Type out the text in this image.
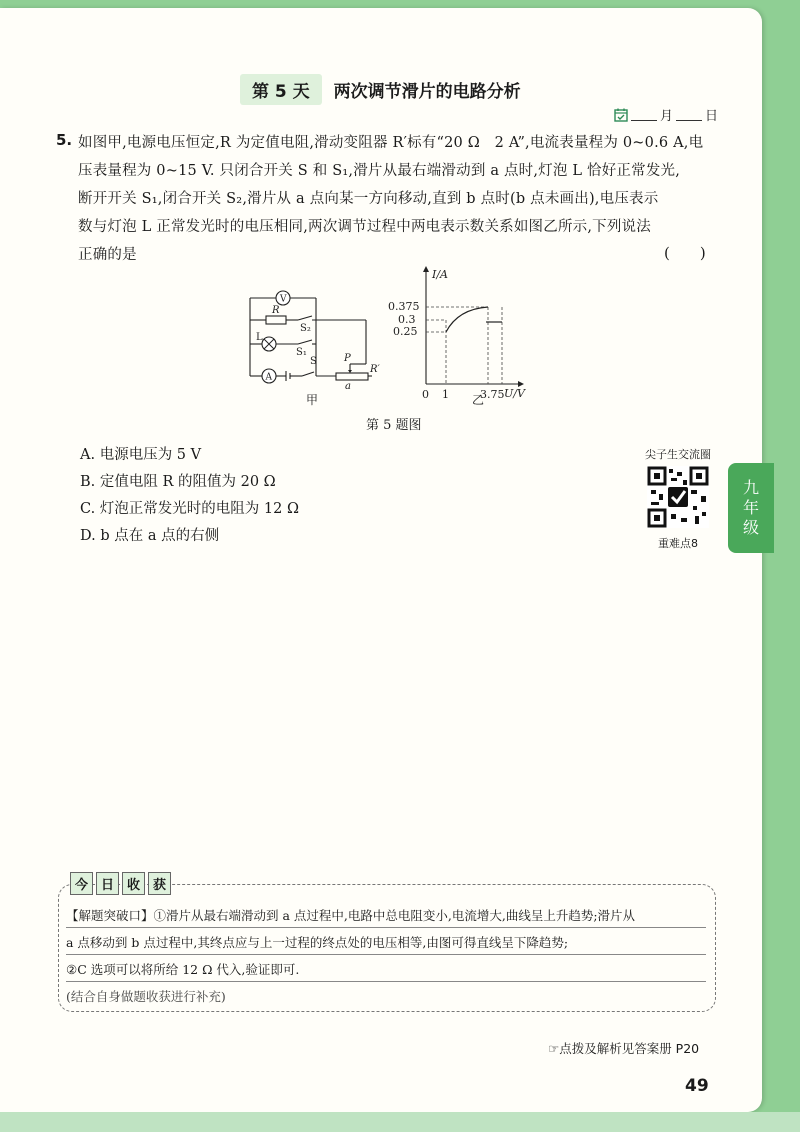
九
年
级
第 5 天	两次调节滑片的电路分析
月 日
5. 如图甲,电源电压恒定,R 为定值电阻,滑动变阻器 R′标有“20 Ω　2 A”,电流表量程为 0~0.6 A,电
压表量程为 0~15 V. 只闭合开关 S 和 S₁,滑片从最右端滑动到 a 点时,灯泡 L 恰好正常发光,
断开开关 S₁,闭合开关 S₂,滑片从 a 点向某一方向移动,直到 b 点时(b 点未画出),电压表示
数与灯泡 L 正常发光时的电压相同,两次调节过程中两电表示数关系如图乙所示,下列说法
正确的是	(　　)
V
A
R
L
S₂
S₁
S	P
a
R′
甲
I/A
U/V
0.375
0.3
0.25
0 1	3.75
乙
第 5 题图
A. 电源电压为 5 V
B. 定值电阻 R 的阻值为 20 Ω
C. 灯泡正常发光时的电阻为 12 Ω
D. b 点在 a 点的右侧
尖子生交流圈
重难点8
今	日	收	获
【解题突破口】①滑片从最右端滑动到 a 点过程中,电路中总电阻变小,电流增大,曲线呈上升趋势;滑片从
a 点移动到 b 点过程中,其终点应与上一过程的终点处的电压相等,由图可得直线呈下降趋势;
②C 选项可以将所给 12 Ω 代入,验证即可.
(结合自身做题收获进行补充)
☞点拨及解析见答案册 P20
49
